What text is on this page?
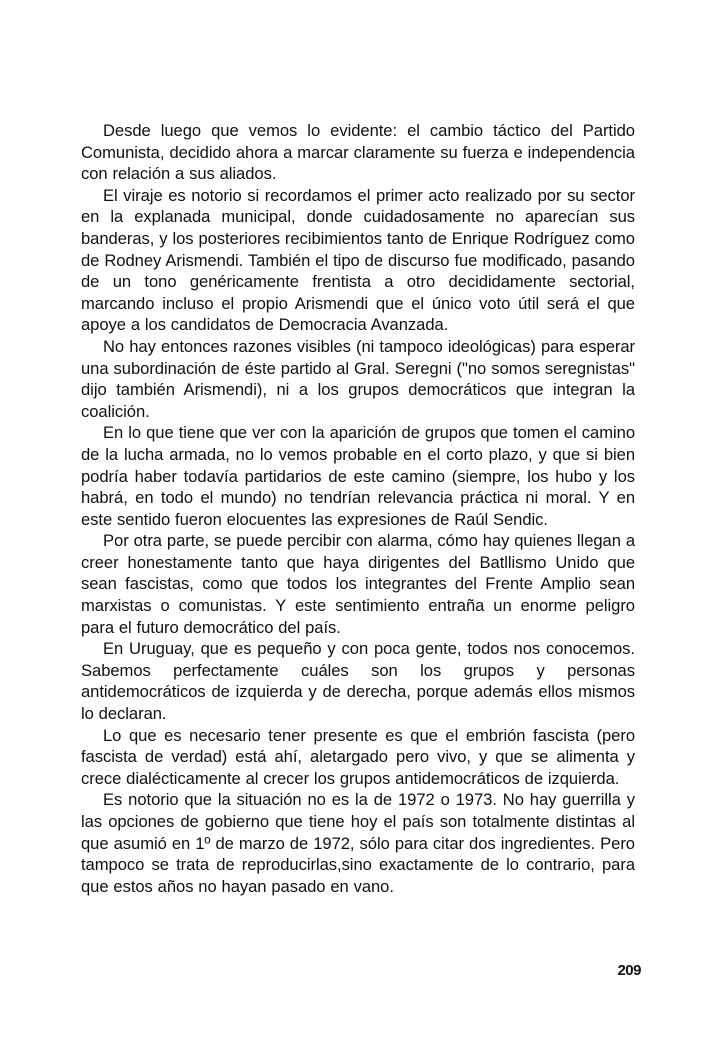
Desde luego que vemos lo evidente: el cambio táctico del Partido Comunista, decidido ahora a marcar claramente su fuerza e independencia con relación a sus aliados.

El viraje es notorio si recordamos el primer acto realizado por su sector en la explanada municipal, donde cuidadosamente no aparecían sus banderas, y los posteriores recibimientos tanto de Enrique Rodríguez como de Rodney Arismendi. También el tipo de discurso fue modificado, pasando de un tono genéricamente frentista a otro decididamente sectorial, marcando incluso el propio Arismendi que el único voto útil será el que apoye a los candidatos de Democracia Avanzada.

No hay entonces razones visibles (ni tampoco ideológicas) para esperar una subordinación de éste partido al Gral. Seregni ("no somos seregnistas" dijo también Arismendi), ni a los grupos democráticos que integran la coalición.

En lo que tiene que ver con la aparición de grupos que tomen el camino de la lucha armada, no lo vemos probable en el corto plazo, y que si bien podría haber todavía partidarios de este camino (siempre, los hubo y los habrá, en todo el mundo) no tendrían relevancia práctica ni moral. Y en este sentido fueron elocuentes las expresiones de Raúl Sendic.

Por otra parte, se puede percibir con alarma, cómo hay quienes llegan a creer honestamente tanto que haya dirigentes del Batllismo Unido que sean fascistas, como que todos los integrantes del Frente Amplio sean marxistas o comunistas. Y este sentimiento entraña un enorme peligro para el futuro democrático del país.

En Uruguay, que es pequeño y con poca gente, todos nos conocemos. Sabemos perfectamente cuáles son los grupos y personas antidemocráticos de izquierda y de derecha, porque además ellos mismos lo declaran.

Lo que es necesario tener presente es que el embrión fascista (pero fascista de verdad) está ahí, aletargado pero vivo, y que se alimenta y crece dialécticamente al crecer los grupos antidemocráticos de izquierda.

Es notorio que la situación no es la de 1972 o 1973. No hay guerrilla y las opciones de gobierno que tiene hoy el país son totalmente distintas al que asumió en 1º de marzo de 1972, sólo para citar dos ingredientes. Pero tampoco se trata de reproducirlas,sino exactamente de lo contrario, para que estos años no hayan pasado en vano.

209
